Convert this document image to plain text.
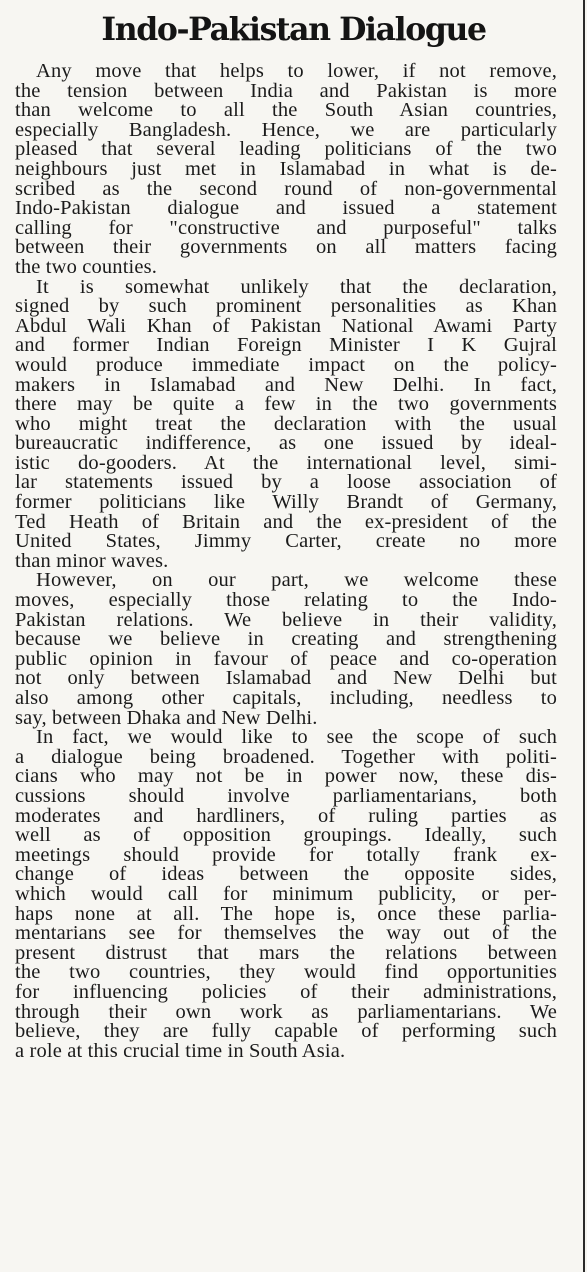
Indo-Pakistan Dialogue
Any move that helps to lower, if not remove,
the tension between India and Pakistan is more
than welcome to all the South Asian countries,
especially Bangladesh. Hence, we are particularly
pleased that several leading politicians of the two
neighbours just met in Islamabad in what is de-
scribed as the second round of non-governmental
Indo-Pakistan dialogue and issued a statement
calling for "constructive and purposeful" talks
between their governments on all matters facing
the two counties.
It is somewhat unlikely that the declaration,
signed by such prominent personalities as Khan
Abdul Wali Khan of Pakistan National Awami Party
and former Indian Foreign Minister I K Gujral
would produce immediate impact on the policy-
makers in Islamabad and New Delhi. In fact,
there may be quite a few in the two governments
who might treat the declaration with the usual
bureaucratic indifference, as one issued by ideal-
istic do-gooders. At the international level, simi-
lar statements issued by a loose association of
former politicians like Willy Brandt of Germany,
Ted Heath of Britain and the ex-president of the
United States, Jimmy Carter, create no more
than minor waves.
However, on our part, we welcome these
moves, especially those relating to the Indo-
Pakistan relations. We believe in their validity,
because we believe in creating and strengthening
public opinion in favour of peace and co-operation
not only between Islamabad and New Delhi but
also among other capitals, including, needless to
say, between Dhaka and New Delhi.
In fact, we would like to see the scope of such
a dialogue being broadened. Together with politi-
cians who may not be in power now, these dis-
cussions should involve parliamentarians, both
moderates and hardliners, of ruling parties as
well as of opposition groupings. Ideally, such
meetings should provide for totally frank ex-
change of ideas between the opposite sides,
which would call for minimum publicity, or per-
haps none at all. The hope is, once these parlia-
mentarians see for themselves the way out of the
present distrust that mars the relations between
the two countries, they would find opportunities
for influencing policies of their administrations,
through their own work as parliamentarians. We
believe, they are fully capable of performing such
a role at this crucial time in South Asia.
